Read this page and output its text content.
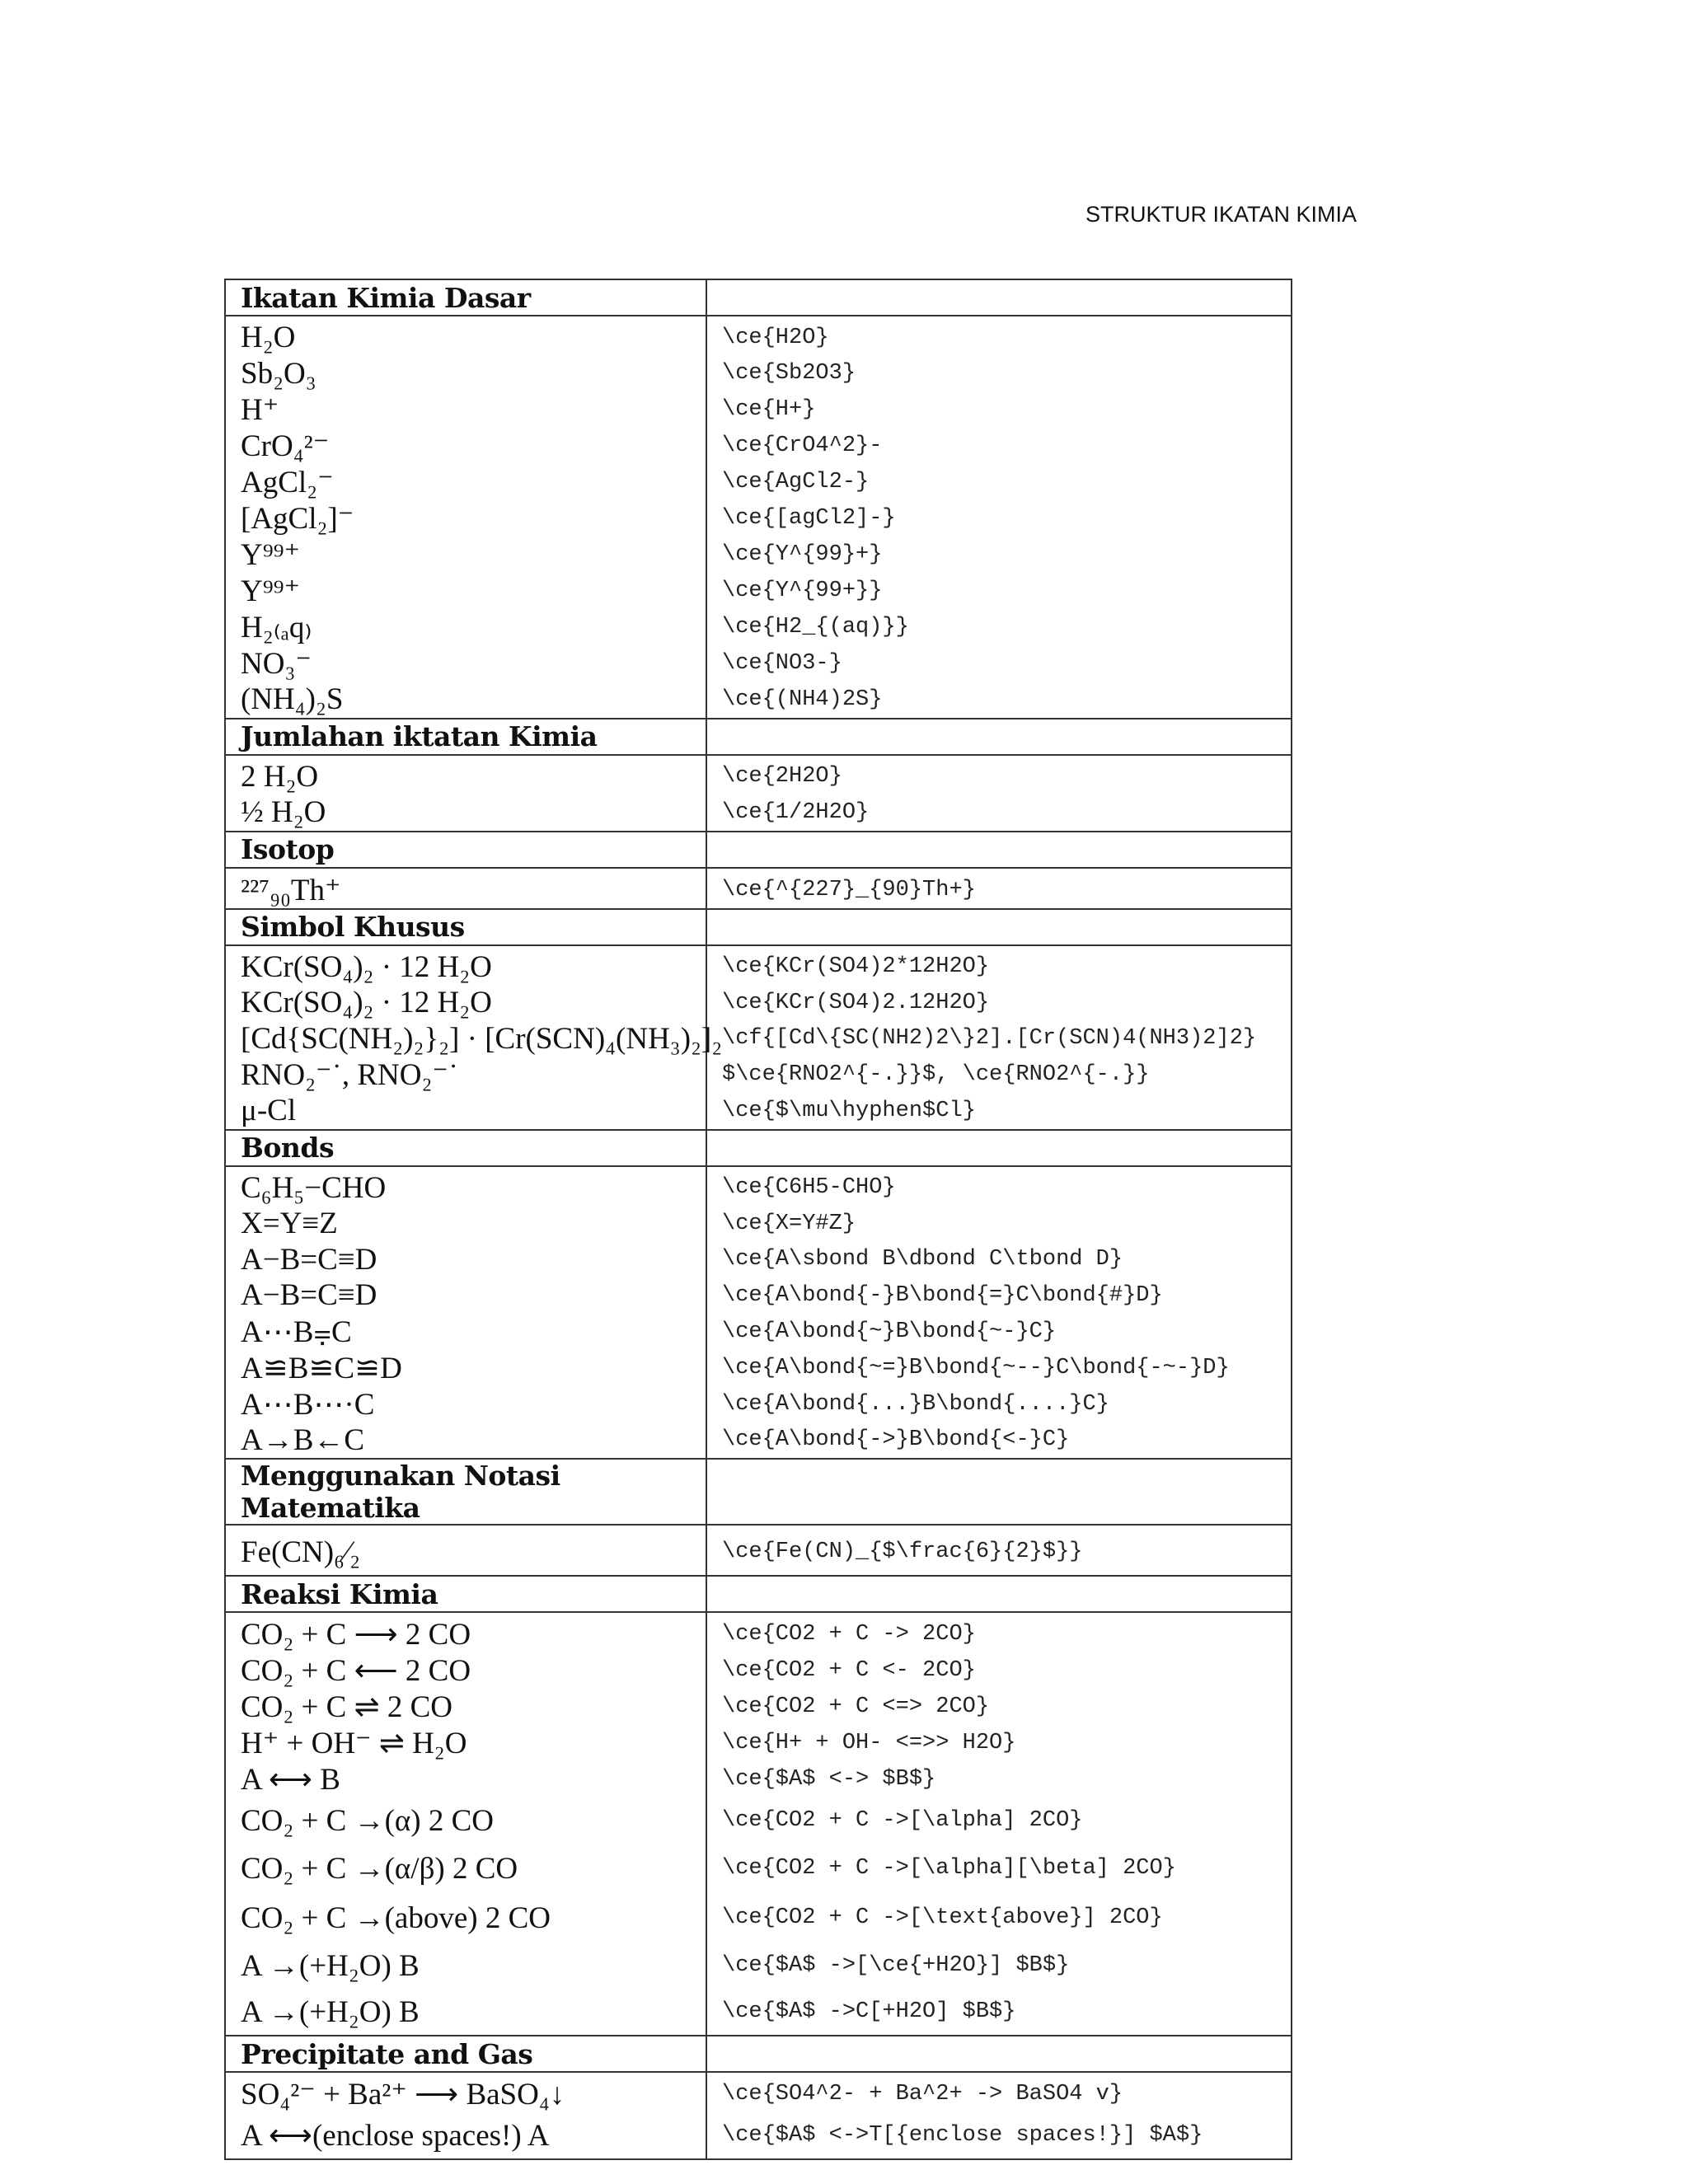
STRUKTUR IKATAN KIMIA
Ikatan Kimia Dasar	
H₂O	\ce{H2O}
Sb₂O₃	\ce{Sb2O3}
H⁺	\ce{H+}
CrO₄²⁻	\ce{CrO4^2}-
AgCl₂⁻	\ce{AgCl2-}
[AgCl₂]⁻	\ce{[agCl2]-}
Y⁹⁹⁺	\ce{Y^{99}+}
Y⁹⁹⁺	\ce{Y^{99+}}
H₂₍ₐq₎	\ce{H2_{(aq)}}
NO₃⁻	\ce{NO3-}
(NH₄)₂S	\ce{(NH4)2S}
Jumlahan iktatan Kimia	
2 H₂O	\ce{2H2O}
½ H₂O	\ce{1/2H2O}
Isotop	
²²⁷₉₀Th⁺	\ce{^{227}_{90}Th+}
Simbol Khusus	
KCr(SO₄)₂ · 12 H₂O	\ce{KCr(SO4)2*12H2O}
KCr(SO₄)₂ · 12 H₂O	\ce{KCr(SO4)2.12H2O}
[Cd{SC(NH₂)₂}₂] · [Cr(SCN)₄(NH₃)₂]₂	\cf{[Cd\{SC(NH2)2\}2].[Cr(SCN)4(NH3)2]2}
RNO₂⁻˙, RNO₂⁻˙	$\ce{RNO2^{-.}}$, \ce{RNO2^{-.}}
μ-Cl	\ce{$\mu\hyphen$Cl}
Bonds	
C₆H₅−CHO	\ce{C6H5-CHO}
X=Y≡Z	\ce{X=Y#Z}
A−B=C≡D	\ce{A\sbond B\dbond C\tbond D}
A−B=C≡D	\ce{A\bond{-}B\bond{=}C\bond{#}D}
A⋯B⩦C	\ce{A\bond{~}B\bond{~-}C}
A≌B≌C≌D	\ce{A\bond{~=}B\bond{~--}C\bond{-~-}D}
A⋯B⋯·C	\ce{A\bond{...}B\bond{....}C}
A→B←C	\ce{A\bond{->}B\bond{<-}C}
Menggunakan Notasi Matematika	
Fe(CN)₆⁄₂	\ce{Fe(CN)_{$\frac{6}{2}$}}
Reaksi Kimia	
CO₂ + C ⟶ 2 CO	\ce{CO2 + C -> 2CO}
CO₂ + C ⟵ 2 CO	\ce{CO2 + C <- 2CO}
CO₂ + C ⇌ 2 CO	\ce{CO2 + C <=> 2CO}
H⁺ + OH⁻ ⇌ H₂O	\ce{H+ + OH- <=>> H2O}
A ⟷ B	\ce{$A$ <-> $B$}
CO₂ + C →(α) 2 CO	\ce{CO2 + C ->[\alpha] 2CO}
CO₂ + C →(α/β) 2 CO	\ce{CO2 + C ->[\alpha][\beta] 2CO}
CO₂ + C →(above) 2 CO	\ce{CO2 + C ->[\text{above}] 2CO}
A →(+H₂O) B	\ce{$A$ ->[\ce{+H2O}] $B$}
A →(+H₂O) B	\ce{$A$ ->C[+H2O] $B$}
Precipitate and Gas	
SO₄²⁻ + Ba²⁺ ⟶ BaSO₄↓	\ce{SO4^2- + Ba^2+ -> BaSO4 v}
A ⟷(enclose spaces!) A	\ce{$A$ <->T[{enclose spaces!}] $A$}
